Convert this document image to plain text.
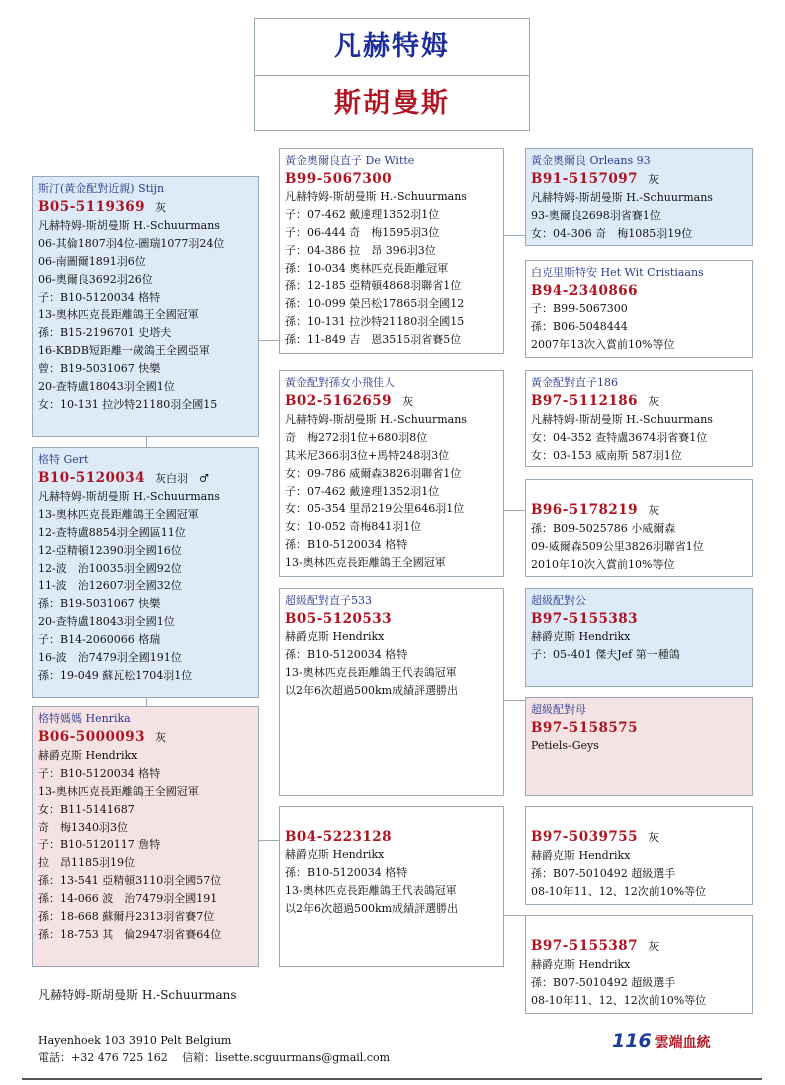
凡赫特姆
斯胡曼斯
斯汀(黃金配對近親) Stijn
B05-5119369 灰
凡赫特姆-斯胡曼斯 H.-Schuurmans
06-其倫1807羽4位-圖瑞1077羽24位
06-南圖爾1891羽6位
06-奧爾良3692羽26位
子：B10-5120034 格特
13-奧林匹克長距離鴿王全國冠軍
孫：B15-2196701 史塔夫
16-KBDB短距離一歲鴿王全國亞軍
曾：B19-5031067 快樂
20-查特盧18043羽全國1位
女：10-131 拉沙特21180羽全國15
格特 Gert
B10-5120034 灰白羽　♂
凡赫特姆-斯胡曼斯 H.-Schuurmans
13-奧林匹克長距離鴿王全國冠軍
12-查特盧8854羽全國區11位
12-亞精頓12390羽全國16位
12-波　治10035羽全國92位
11-波　治12607羽全國32位
孫：B19-5031067 快樂
20-查特盧18043羽全國1位
子：B14-2060066 格瑞
16-波　治7479羽全國191位
孫：19-049 蘇瓦松1704羽1位
格特媽媽 Henrika
B06-5000093 灰
赫爵克斯 Hendrikx
子：B10-5120034 格特
13-奧林匹克長距離鴿王全國冠軍
女：B11-5141687
奇　梅1340羽3位
子：B10-5120117 詹特
拉　昂1185羽19位
孫：13-541 亞精頓3110羽全國57位
孫：14-066 波　治7479羽全國191
孫：18-668 蘇爾丹2313羽省賽7位
孫：18-753 其　倫2947羽省賽64位
黃金奧爾良直子 De Witte
B99-5067300
凡赫特姆-斯胡曼斯 H.-Schuurmans
子：07-462 戴達理1352羽1位
子：06-444 奇　梅1595羽3位
子：04-386 拉　昂 396羽3位
孫：10-034 奧林匹克長距離冠軍
孫：12-185 亞精頓4868羽聯省1位
孫：10-099 榮呂松17865羽全國12
孫：10-131 拉沙特21180羽全國15
孫：11-849 吉　恩3515羽省賽5位
黃金配對孫女小飛佳人
B02-5162659 灰
凡赫特姆-斯胡曼斯 H.-Schuurmans
奇　梅272羽1位+680羽8位
其米尼366羽3位+馬特248羽3位
女：09-786 威爾森3826羽聯省1位
子：07-462 戴達理1352羽1位
女：05-354 里昂219公里646羽1位
女：10-052 奇梅841羽1位
孫：B10-5120034 格特
13-奧林匹克長距離鴿王全國冠軍
超級配對直子533
B05-5120533
赫爵克斯 Hendrikx
孫：B10-5120034 格特
13-奧林匹克長距離鴿王代表鴿冠軍
以2年6次超過500km成績評選勝出
B04-5223128
赫爵克斯 Hendrikx
孫：B10-5120034 格特
13-奧林匹克長距離鴿王代表鴿冠軍
以2年6次超過500km成績評選勝出
黃金奧爾良 Orleans 93
B91-5157097 灰
凡赫特姆-斯胡曼斯 H.-Schuurmans
93-奧爾良2698羽省賽1位
女：04-306 奇　梅1085羽19位
白克里斯特安 Het Wit Cristiaans
B94-2340866
子：B99-5067300
孫：B06-5048444
2007年13次入賞前10%等位
黃金配對直子186
B97-5112186 灰
凡赫特姆-斯胡曼斯 H.-Schuurmans
女：04-352 查特盧3674羽省賽1位
女：03-153 威南斯 587羽1位
B96-5178219 灰
孫：B09-5025786 小威爾森
09-威爾森509公里3826羽聯省1位
2010年10次入賞前10%等位
超級配對公
B97-5155383
赫爵克斯 Hendrikx
子：05-401 傑夫Jef 第一種鴿
超級配對母
B97-5158575
Petiels-Geys
B97-5039755 灰
赫爵克斯 Hendrikx
孫：B07-5010492 超級選手
08-10年11、12、12次前10%等位
B97-5155387 灰
赫爵克斯 Hendrikx
孫：B07-5010492 超級選手
08-10年11、12、12次前10%等位
凡赫特姆-斯胡曼斯 H.-Schuurmans
Hayenhoek 103 3910 Pelt Belgium
電話：+32 476 725 162　 信箱：lisette.scguurmans@gmail.com
116 雲端血統
